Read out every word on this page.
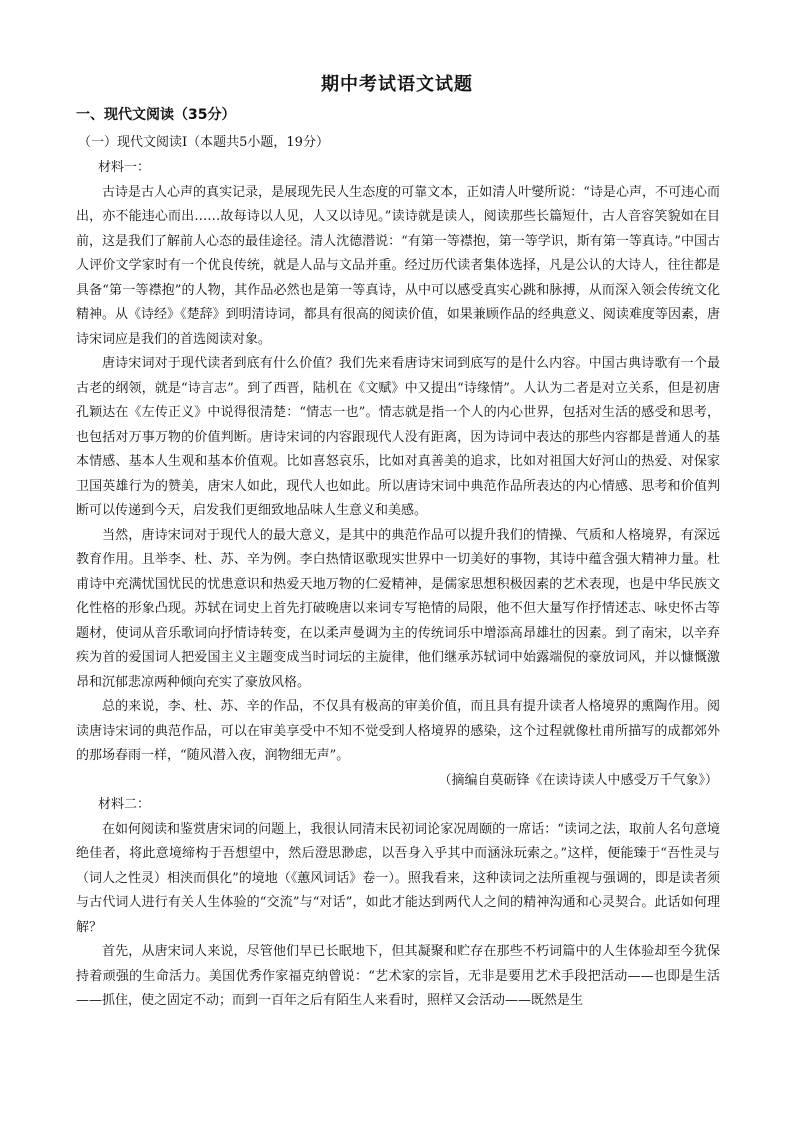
期中考试语文试题
一、现代文阅读（35分）
（一）现代文阅读Ⅰ（本题共5小题，19分）

材料一：

古诗是古人心声的真实记录，是展现先民人生态度的可靠文本，正如清人叶燮所说：“诗是心声，不可违心而出，亦不能违心而出……故每诗以人见，人又以诗见。”读诗就是读人，阅读那些长篇短什，古人音容笑貌如在目前，这是我们了解前人心态的最佳途径。清人沈德潜说：“有第一等襟抱，第一等学识，斯有第一等真诗。”中国古人评价文学家时有一个优良传统，就是人品与文品并重。经过历代读者集体选择，凡是公认的大诗人，往往都是具备“第一等襟抱”的人物，其作品必然也是第一等真诗，从中可以感受真实心跳和脉搏，从而深入领会传统文化精神。从《诗经》《楚辞》到明清诗词，都具有很高的阅读价值，如果兼顾作品的经典意义、阅读难度等因素，唐诗宋词应是我们的首选阅读对象。

唐诗宋词对于现代读者到底有什么价值？我们先来看唐诗宋词到底写的是什么内容。中国古典诗歌有一个最古老的纲领，就是“诗言志”。到了西晋，陆机在《文赋》中又提出“诗缘情”。人认为二者是对立关系，但是初唐孔颖达在《左传正义》中说得很清楚：“情志一也”。情志就是指一个人的内心世界，包括对生活的感受和思考，也包括对万事万物的价值判断。唐诗宋词的内容跟现代人没有距离，因为诗词中表达的那些内容都是普通人的基本情感、基本人生观和基本价值观。比如喜怒哀乐，比如对真善美的追求，比如对祖国大好河山的热爱、对保家卫国英雄行为的赞美，唐宋人如此，现代人也如此。所以唐诗宋词中典范作品所表达的内心情感、思考和价值判断可以传递到今天，启发我们更细致地品味人生意义和美感。

当然，唐诗宋词对于现代人的最大意义，是其中的典范作品可以提升我们的情操、气质和人格境界，有深远教育作用。且举李、杜、苏、辛为例。李白热情讴歌现实世界中一切美好的事物，其诗中蕴含强大精神力量。杜甫诗中充满忧国忧民的忧患意识和热爱天地万物的仁爱精神，是儒家思想积极因素的艺术表现，也是中华民族文化性格的形象凸现。苏轼在词史上首先打破晚唐以来词专写艳情的局限，他不但大量写作抒情述志、咏史怀古等题材，使词从音乐歌词向抒情诗转变，在以柔声曼调为主的传统词乐中增添高昂雄壮的因素。到了南宋，以辛弃疾为首的爱国词人把爱国主义主题变成当时词坛的主旋律，他们继承苏轼词中始露端倪的豪放词风，并以慷慨激昂和沉郁悲凉两种倾向充实了豪放风格。

总的来说，李、杜、苏、辛的作品，不仅具有极高的审美价值，而且具有提升读者人格境界的熏陶作用。阅读唐诗宋词的典范作品，可以在审美享受中不知不觉受到人格境界的感染，这个过程就像杜甫所描写的成都郊外的那场春雨一样，“随风潜入夜，润物细无声”。

（摘编自莫砺锋《在读诗读人中感受万千气象》）

材料二：

在如何阅读和鉴赏唐宋词的问题上，我很认同清末民初词论家况周颐的一席话：“读词之法，取前人名句意境绝佳者，将此意境缔构于吾想望中，然后澄思渺虑，以吾身入乎其中而涵泳玩索之。”这样，便能臻于“吾性灵与（词人之性灵）相浃而俱化”的境地（《蕙风词话》卷一）。照我看来，这种读词之法所重视与强调的，即是读者须与古代词人进行有关人生体验的“交流”与“对话”，如此才能达到两代人之间的精神沟通和心灵契合。此话如何理解？

首先，从唐宋词人来说，尽管他们早已长眠地下，但其凝聚和贮存在那些不朽词篇中的人生体验却至今犹保持着顽强的生命活力。美国优秀作家福克纳曾说：“艺术家的宗旨，无非是要用艺术手段把活动——也即是生活——抓住，使之固定不动；而到一百年之后有陌生人来看时，照样又会活动——既然是生
